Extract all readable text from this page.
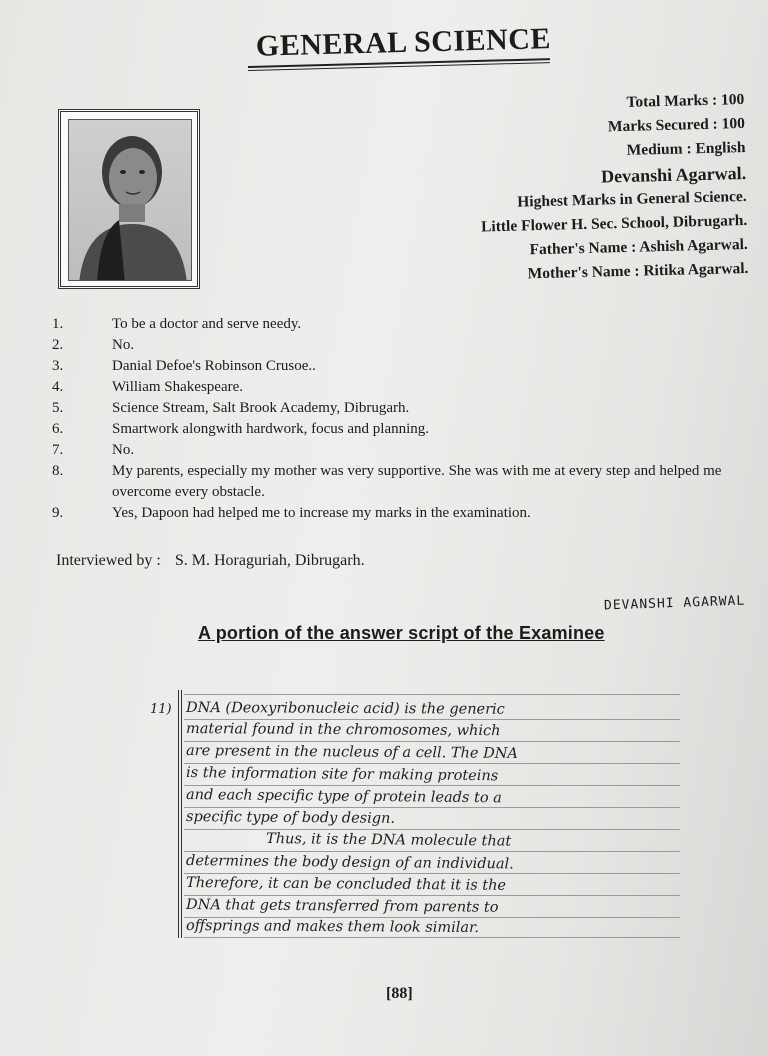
GENERAL SCIENCE
Total Marks : 100
Marks Secured : 100
Medium : English
Devanshi Agarwal.
Highest Marks in General Science.
Little Flower H. Sec. School, Dibrugarh.
Father's Name : Ashish Agarwal.
Mother's Name : Ritika Agarwal.
1.	To be a doctor and serve needy.
2.	No.
3.	Danial Defoe's Robinson Crusoe..
4.	William Shakespeare.
5.	Science Stream, Salt Brook Academy, Dibrugarh.
6.	Smartwork alongwith hardwork, focus and planning.
7.	No.
8.	My parents, especially my mother was very supportive. She was with me at every step and helped me overcome every obstacle.
9.	Yes, Dapoon had helped me to increase my marks in the examination.
Interviewed by : S. M. Horaguriah, Dibrugarh.
DEVANSHI AGARWAL
A portion of the answer script of the Examinee
11) DNA (Deoxyribonucleic acid) is the generic
material found in the chromosomes, which
are present in the nucleus of a cell. The DNA
is the information site for making proteins
and each specific type of protein leads to a
specific type of body design.
Thus, it is the DNA molecule that
determines the body design of an individual.
Therefore, it can be concluded that it is the
DNA that gets transferred from parents to
offsprings and makes them look similar.
[88]
